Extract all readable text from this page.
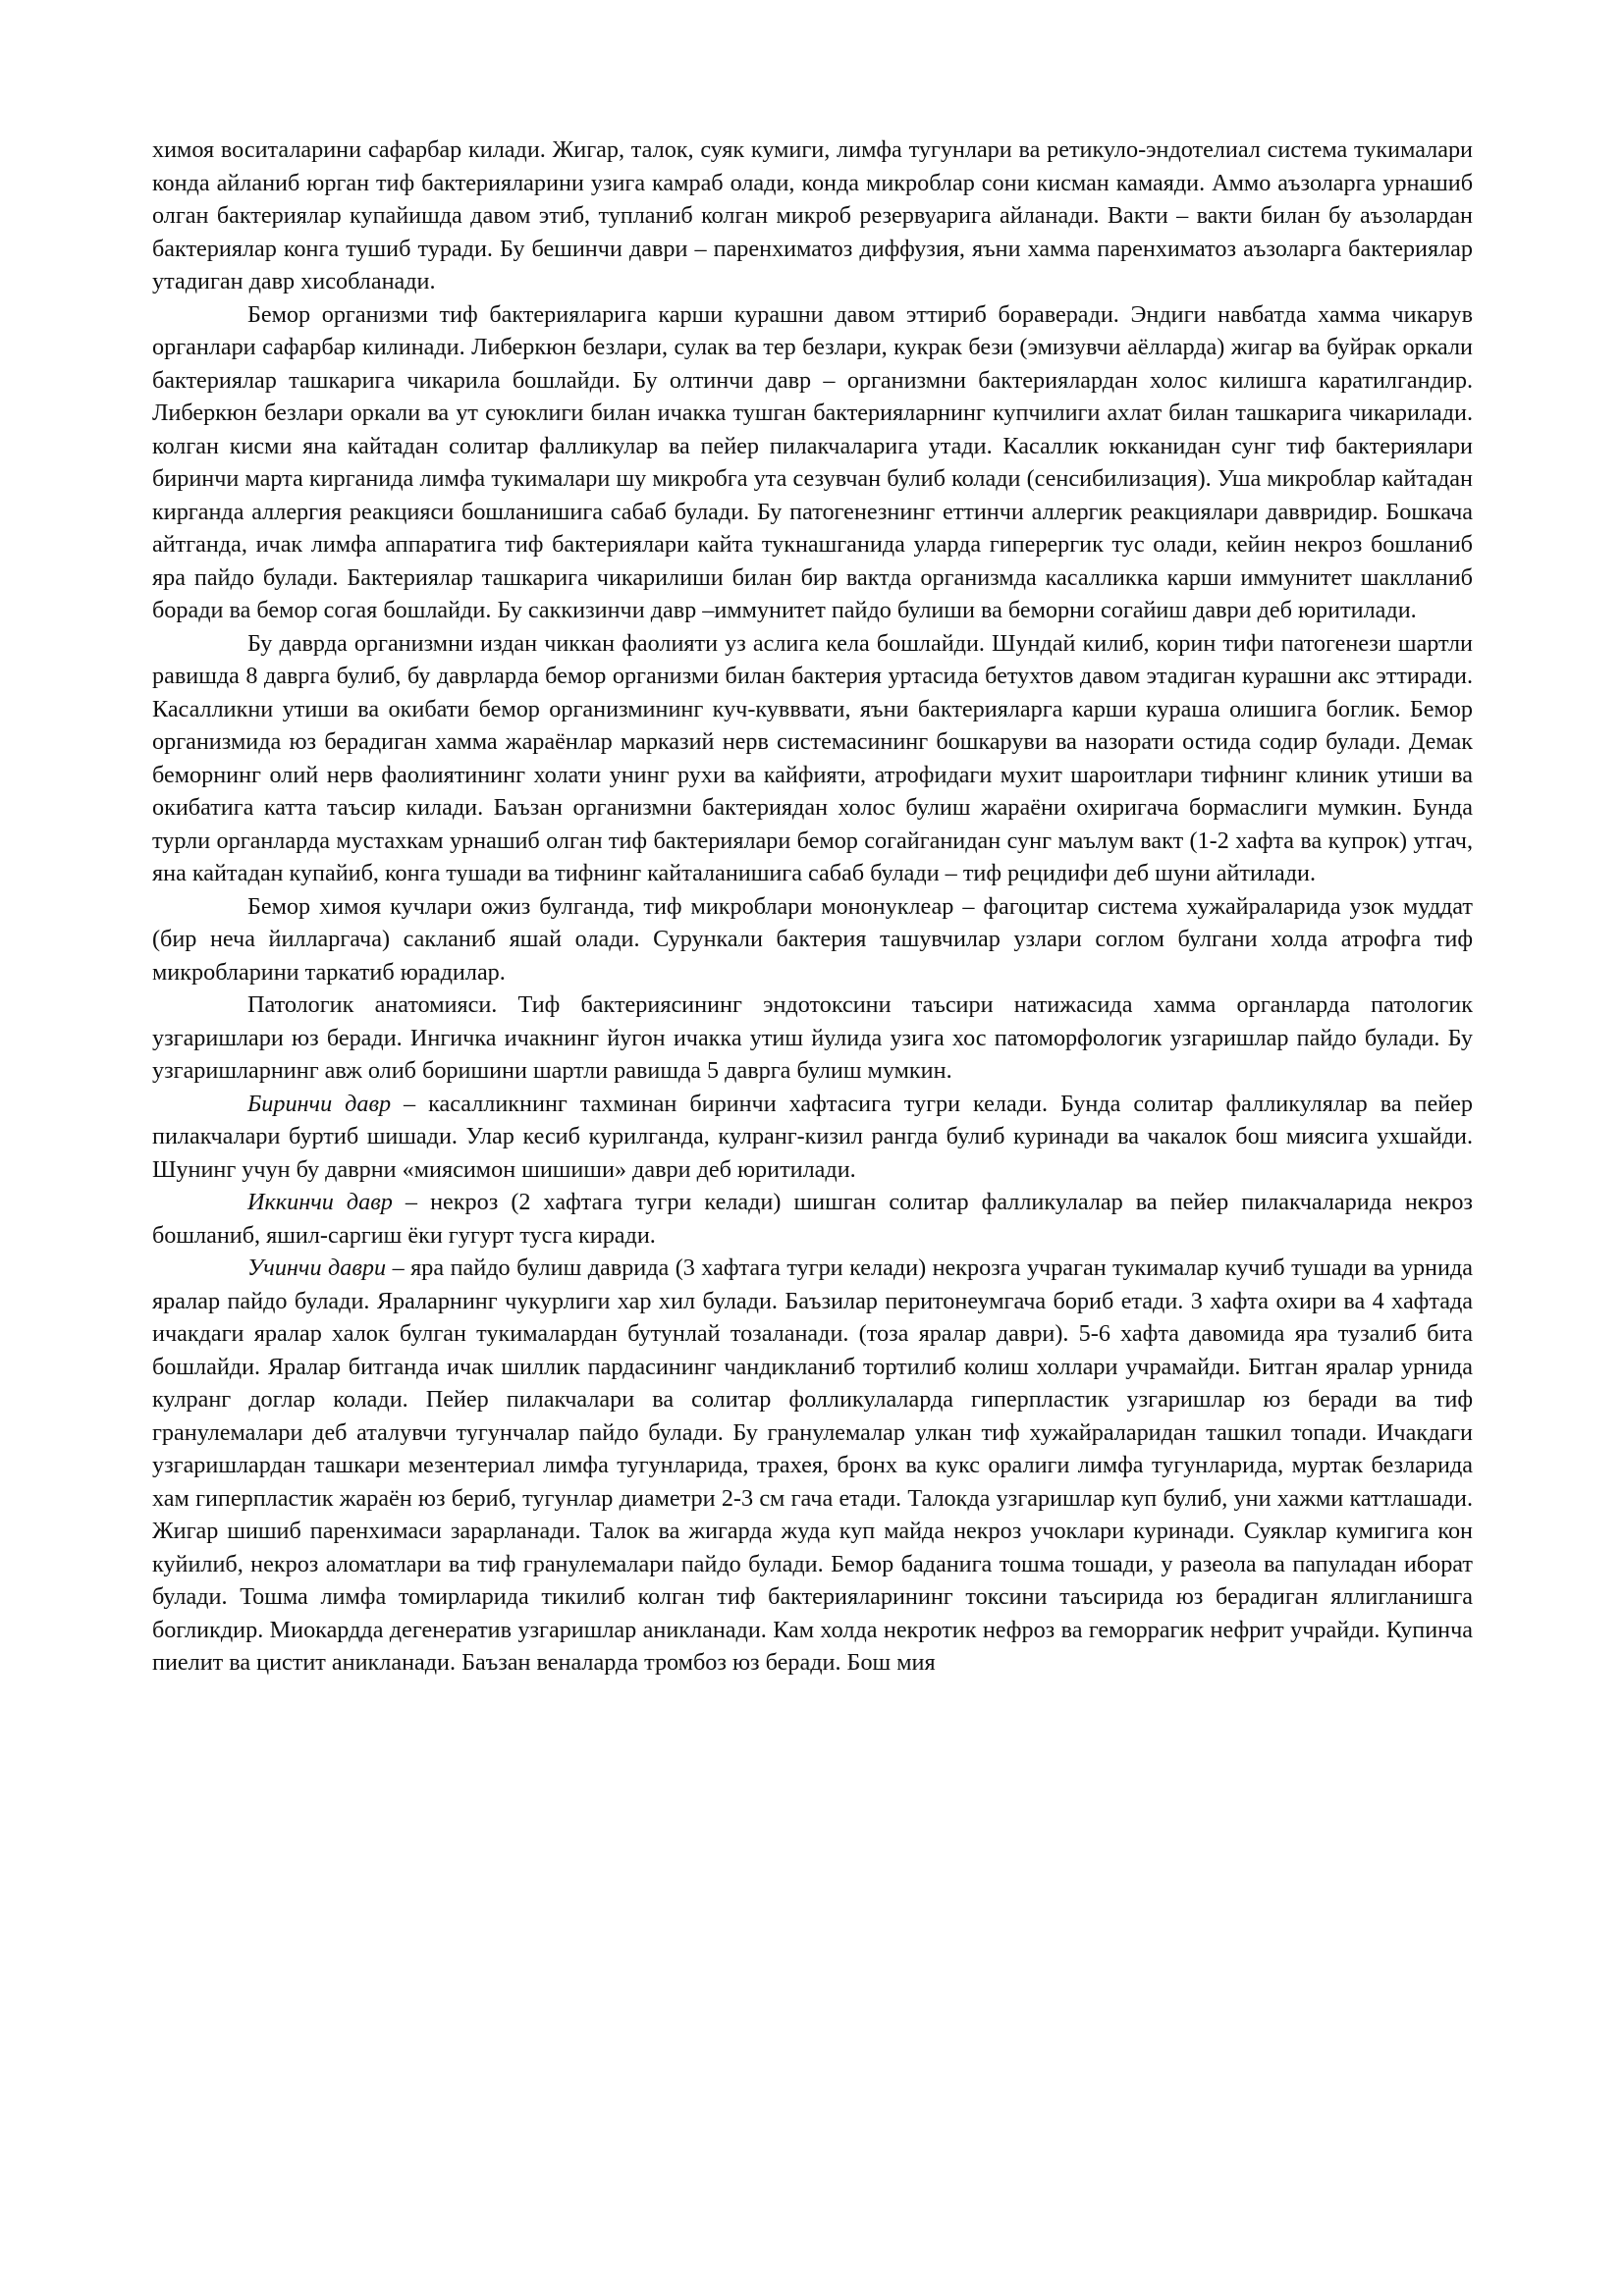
химоя воситаларини сафарбар килади. Жигар, талок, суяк кумиги, лимфа тугунлари ва ретикуло-эндотелиал система тукималари конда айланиб юрган тиф бактерияларини узига камраб олади, конда микроблар сони кисман камаяди. Аммо аъзоларга урнашиб олган бактериялар купайишда давом этиб, тупланиб колган микроб резервуарига айланади. Вакти – вакти билан бу аъзолардан бактериялар конга тушиб туради. Бу бешинчи даври – паренхиматоз диффузия, яъни хамма паренхиматоз аъзоларга бактериялар утадиган давр хисобланади.

Бемор организми тиф бактерияларига карши курашни давом эттириб бораверади. Эндиги навбатда хамма чикарув органлари сафарбар килинади. Либеркюн безлари, сулак ва тер безлари, кукрак бези (эмизувчи аёлларда) жигар ва буйрак оркали бактериялар ташкарига чикарила бошлайди. Бу олтинчи давр – организмни бактериялардан холос килишга каратилгандир. Либеркюн безлари оркали ва ут суюклиги билан ичакка тушган бактерияларнинг купчилиги ахлат билан ташкарига чикарилади. колган кисми яна кайтадан солитар фалликулар ва пейер пилакчаларига утади. Касаллик юкканидан сунг тиф бактериялари биринчи марта кирганида лимфа тукималари шу микробга ута сезувчан булиб колади (сенсибилизация). Уша микроблар кайтадан кирганда аллергия реакцияси бошланишига сабаб булади. Бу патогенезнинг еттинчи аллергик реакциялари даввридир. Бошкача айтганда, ичак лимфа аппаратига тиф бактериялари кайта тукнашганида уларда гиперергик тус олади, кейин некроз бошланиб яра пайдо булади. Бактериялар ташкарига чикарилиши билан бир вактда организмда касалликка карши иммунитет шаклланиб боради ва бемор согая бошлайди. Бу саккизинчи давр –иммунитет пайдо булиши ва беморни согайиш даври деб юритилади.

Бу даврда организмни издан чиккан фаолияти уз аслига кела бошлайди. Шундай килиб, корин тифи патогенези шартли равишда 8 даврга булиб, бу даврларда бемор организми билан бактерия уртасида бетухтов давом этадиган курашни акс эттиради. Касалликни утиши ва окибати бемор организмининг куч-кувввати, яъни бактерияларга карши кураша олишига боглик. Бемор организмида юз берадиган хамма жараёнлар марказий нерв системасининг бошкаруви ва назорати остида содир булади. Демак беморнинг олий нерв фаолиятининг холати унинг рухи ва кайфияти, атрофидаги мухит шароитлари тифнинг клиник утиши ва окибатига катта таъсир килади. Баъзан организмни бактериядан холос булиш жараёни охиригача бормаслиги мумкин. Бунда турли органларда мустахкам урнашиб олган тиф бактериялари бемор согайганидан сунг маълум вакт (1-2 хафта ва купрок) утгач, яна кайтадан купайиб, конга тушади ва тифнинг кайталанишига сабаб булади – тиф рецидифи деб шуни айтилади.

Бемор химоя кучлари ожиз булганда, тиф микроблари мононуклеар – фагоцитар система хужайраларида узок муддат (бир неча йилларгача) сакланиб яшай олади. Сурункали бактерия ташувчилар узлари соглом булгани холда атрофга тиф микробларини таркатиб юрадилар.

Патологик анатомияси. Тиф бактериясининг эндотоксини таъсири натижасида хамма органларда патологик узгаришлари юз беради. Ингичка ичакнинг йугон ичакка утиш йулида узига хос патоморфологик узгаришлар пайдо булади. Бу узгаришларнинг авж олиб боришини шартли равишда 5 даврга булиш мумкин.

Биринчи давр – касалликнинг тахминан биринчи хафтасига тугри келади. Бунда солитар фалликулялар ва пейер пилакчалари буртиб шишади. Улар кесиб курилганда, кулранг-кизил рангда булиб куринади ва чакалок бош миясига ухшайди. Шунинг учун бу даврни «миясимон шишиши» даври деб юритилади.

Иккинчи давр – некроз (2 хафтага тугри келади) шишган солитар фалликулалар ва пейер пилакчаларида некроз бошланиб, яшил-саргиш ёки гугурт тусга киради.

Учинчи даври – яра пайдо булиш даврида (3 хафтага тугри келади) некрозга учраган тукималар кучиб тушади ва урнида яралар пайдо булади. Яраларнинг чукурлиги хар хил булади. Баъзилар перитонеумгача бориб етади. 3 хафта охири ва 4 хафтада ичакдаги яралар халок булган тукималардан бутунлай тозаланади. (тоза яралар даври). 5-6 хафта давомида яра тузалиб бита бошлайди. Яралар битганда ичак шиллик пардасининг чандикланиб тортилиб колиш холлари учрамайди. Битган яралар урнида кулранг доглар колади. Пейер пилакчалари ва солитар фолликулаларда гиперпластик узгаришлар юз беради ва тиф гранулемалари деб аталувчи тугунчалар пайдо булади. Бу гранулемалар улкан тиф хужайраларидан ташкил топади. Ичакдаги узгаришлардан ташкари мезентериал лимфа тугунларида, трахея, бронх ва кукс оралиги лимфа тугунларида, муртак безларида хам гиперпластик жараён юз бериб, тугунлар диаметри 2-3 см гача етади. Талокда узгаришлар куп булиб, уни хажми каттлашади. Жигар шишиб паренхимаси зарарланади. Талок ва жигарда жуда куп майда некроз учоклари куринади. Суяклар кумигига кон куйилиб, некроз аломатлари ва тиф гранулемалари пайдо булади. Бемор баданига тошма тошади, у разеола ва папуладан иборат булади. Тошма лимфа томирларида тикилиб колган тиф бактерияларининг токсини таъсирида юз берадиган яллигланишга богликдир. Миокардда дегенератив узгаришлар аникланади. Кам холда некротик нефроз ва геморрагик нефрит учрайди. Купинча пиелит ва цистит аникланади. Баъзан веналарда тромбоз юз беради. Бош мия
